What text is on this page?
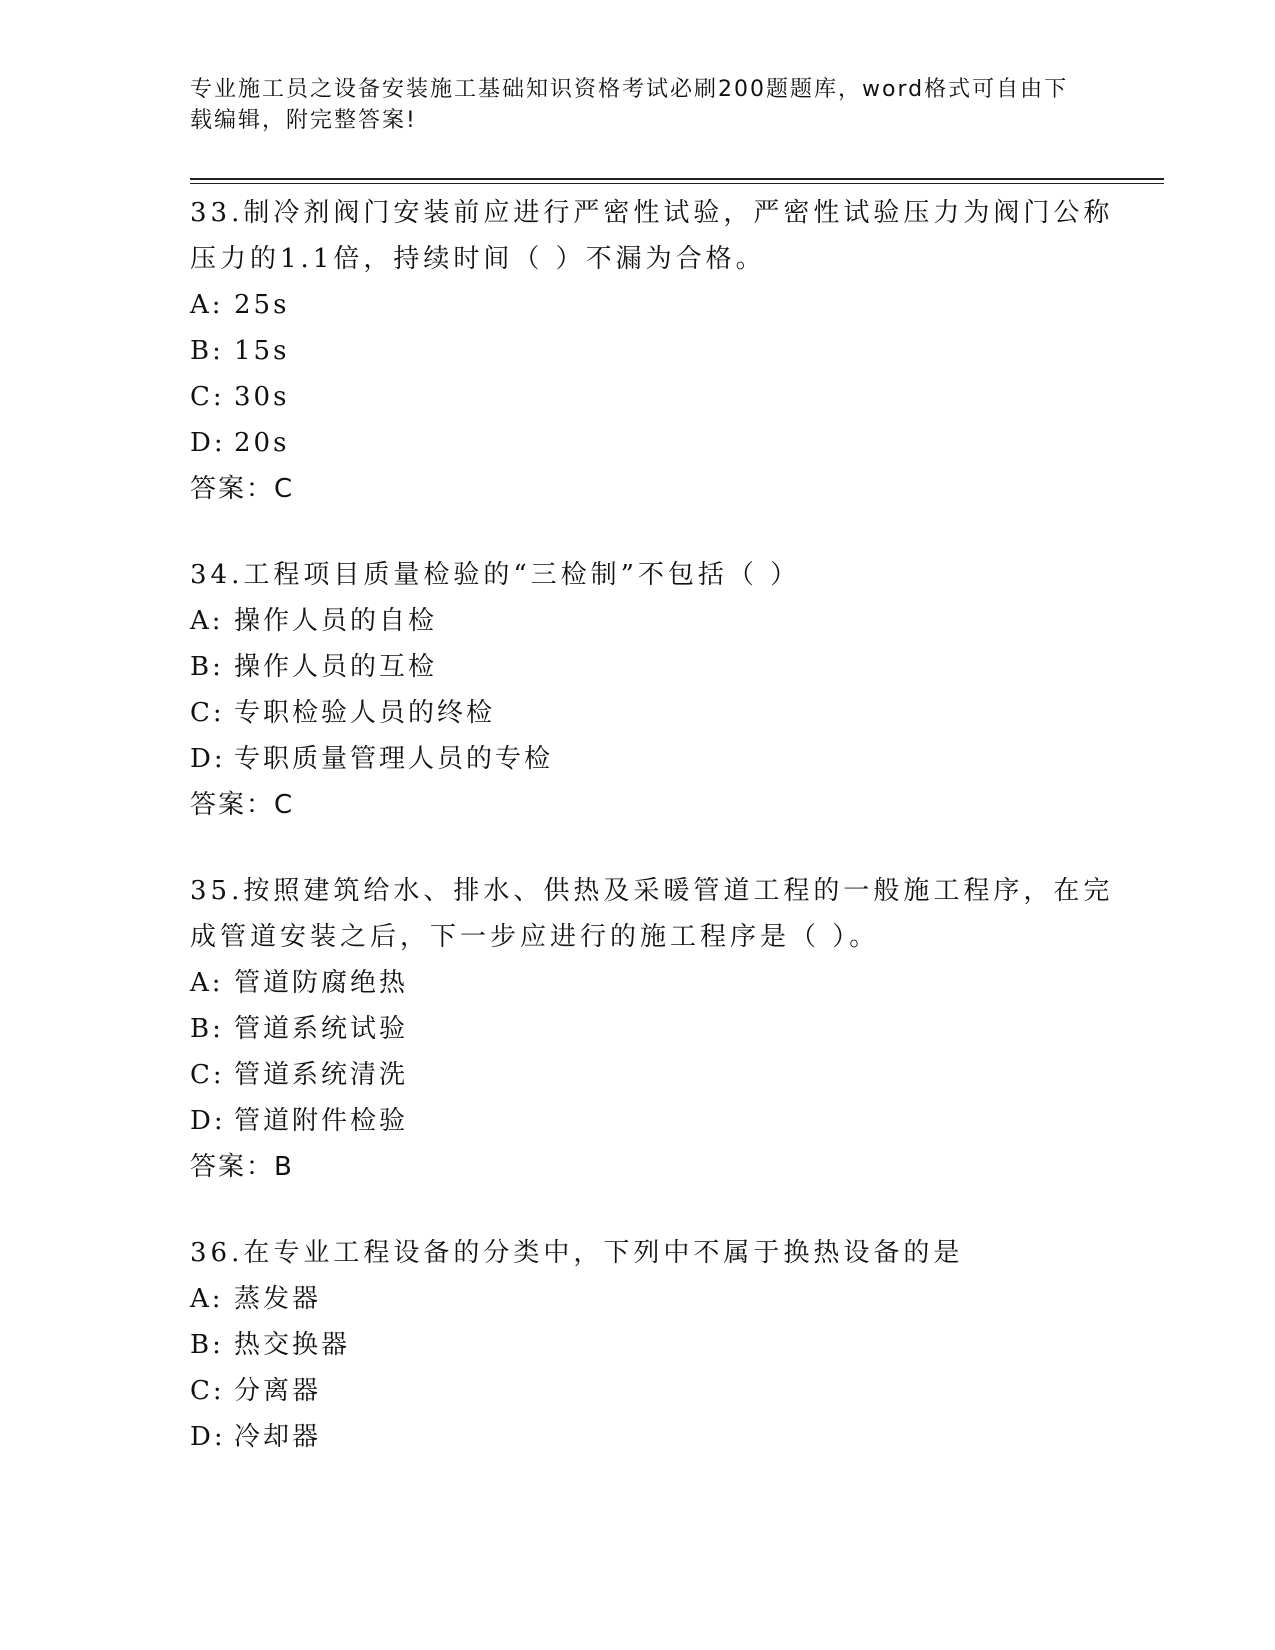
专业施工员之设备安装施工基础知识资格考试必刷200题题库，word格式可自由下载编辑，附完整答案!

33.制冷剂阀门安装前应进行严密性试验，严密性试验压力为阀门公称压力的1.1倍，持续时间（ ）不漏为合格。

A: 25s

B: 15s

C: 30s

D: 20s

答案：C

34.工程项目质量检验的“三检制”不包括（ ）

A: 操作人员的自检

B: 操作人员的互检

C: 专职检验人员的终检

D: 专职质量管理人员的专检

答案：C

35.按照建筑给水、排水、供热及采暖管道工程的一般施工程序，在完成管道安装之后，下一步应进行的施工程序是（ ）。

A: 管道防腐绝热

B: 管道系统试验

C: 管道系统清洗

D: 管道附件检验

答案：B

36.在专业工程设备的分类中，下列中不属于换热设备的是

A: 蒸发器

B: 热交换器

C: 分离器

D: 冷却器
